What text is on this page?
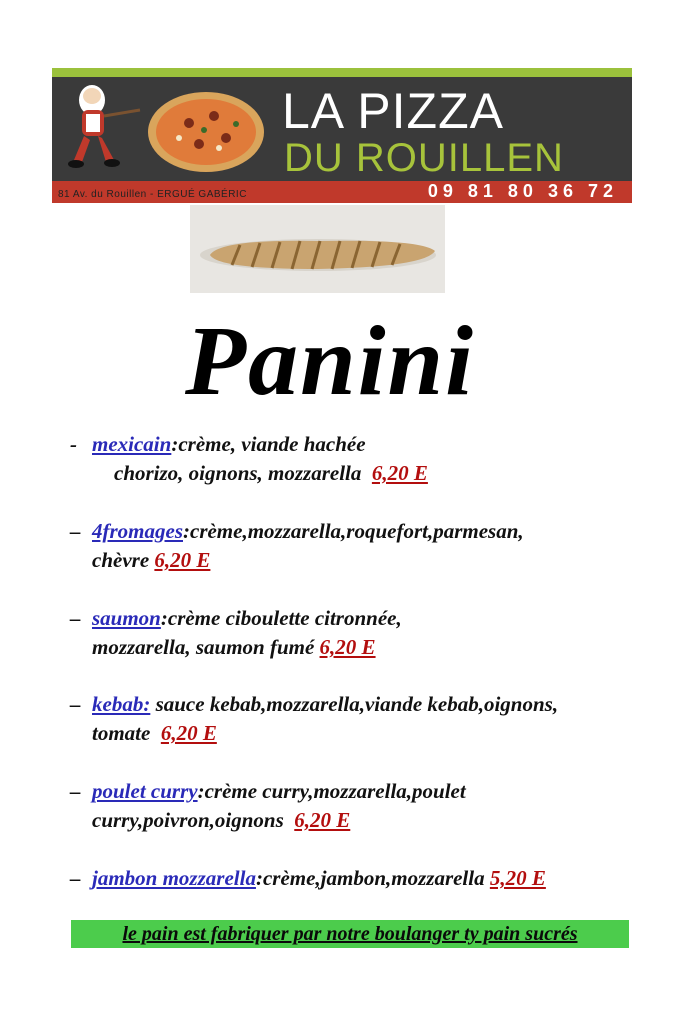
LA PIZZA
DU ROUILLEN
81 Av. du Rouillen - ERGUÉ GABÉRIC	09 81 80 36 72
Panini
- mexicain:crème, viande hachée
chorizo, oignons, mozzarella 6,20 E
– 4fromages:crème,mozzarella,roquefort,parmesan,
chèvre 6,20 E
– saumon:crème ciboulette citronnée,
mozzarella, saumon fumé 6,20 E
– kebab: sauce kebab,mozzarella,viande kebab,oignons,
tomate 6,20 E
– poulet curry:crème curry,mozzarella,poulet
curry,poivron,oignons 6,20 E
– jambon mozzarella:crème,jambon,mozzarella 5,20 E
le pain est fabriquer par notre boulanger ty pain sucrés
